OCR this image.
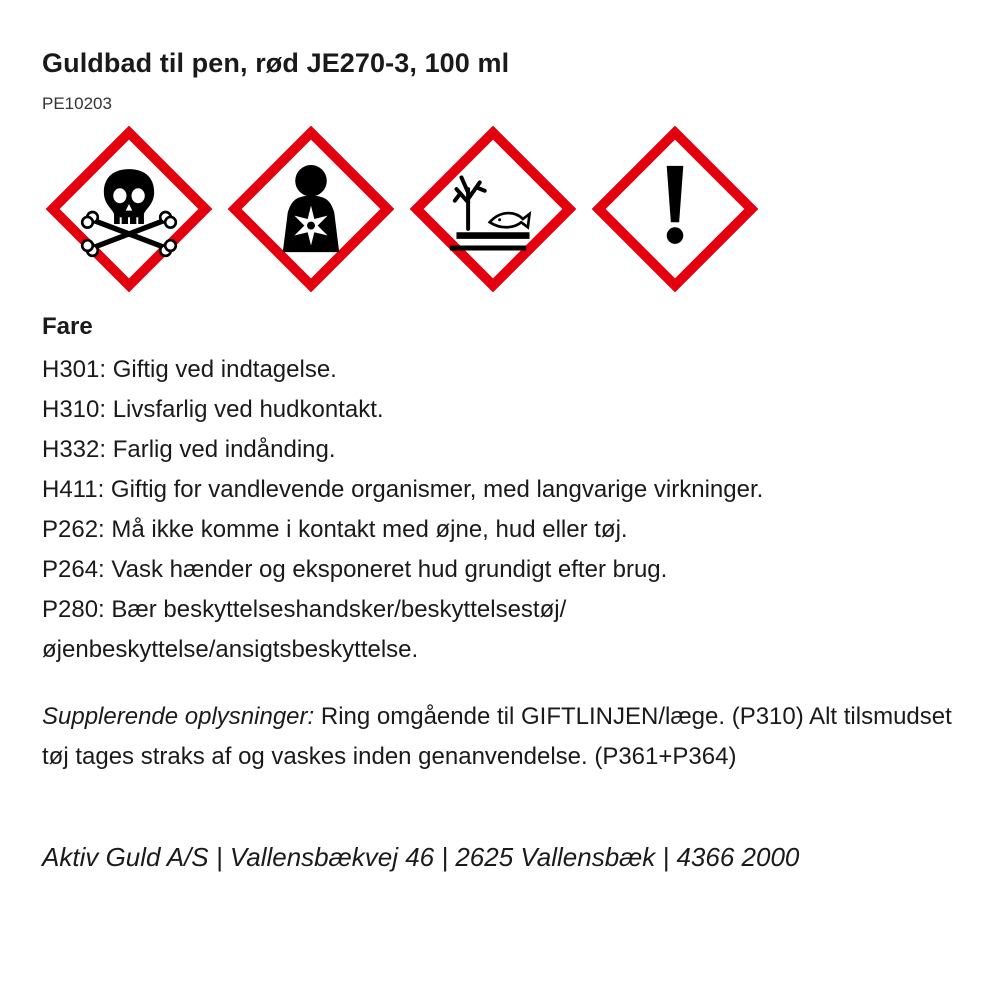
Guldbad til pen, rød JE270-3, 100 ml
PE10203
Fare
H301: Giftig ved indtagelse.
H310: Livsfarlig ved hudkontakt.
H332: Farlig ved indånding.
H411: Giftig for vandlevende organismer, med langvarige virkninger.
P262: Må ikke komme i kontakt med øjne, hud eller tøj.
P264: Vask hænder og eksponeret hud grundigt efter brug.
P280: Bær beskyttelseshandsker/beskyttelsestøj/
øjenbeskyttelse/ansigtsbeskyttelse.

Supplerende oplysninger: Ring omgående til GIFTLINJEN/læge. (P310) Alt tilsmudset tøj tages straks af og vaskes inden genanvendelse. (P361+P364)

Aktiv Guld A/S | Vallensbækvej 46 | 2625 Vallensbæk | 4366 2000
